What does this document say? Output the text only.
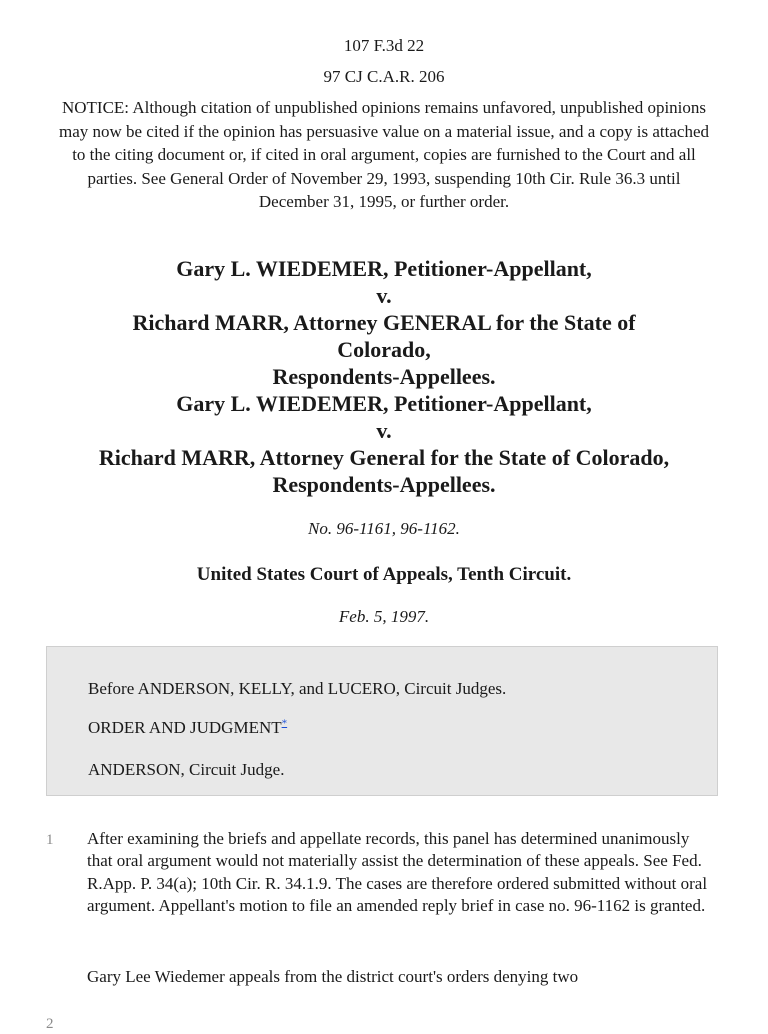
107 F.3d 22
97 CJ C.A.R. 206
NOTICE: Although citation of unpublished opinions remains unfavored, unpublished opinions may now be cited if the opinion has persuasive value on a material issue, and a copy is attached to the citing document or, if cited in oral argument, copies are furnished to the Court and all parties. See General Order of November 29, 1993, suspending 10th Cir. Rule 36.3 until December 31, 1995, or further order.
Gary L. WIEDEMER, Petitioner-Appellant,
v.
Richard MARR, Attorney GENERAL for the State of
Colorado,
Respondents-Appellees.
Gary L. WIEDEMER, Petitioner-Appellant,
v.
Richard MARR, Attorney General for the State of Colorado,
Respondents-Appellees.
No. 96-1161, 96-1162.
United States Court of Appeals, Tenth Circuit.
Feb. 5, 1997.
Before ANDERSON, KELLY, and LUCERO, Circuit Judges.
ORDER AND JUDGMENT*
ANDERSON, Circuit Judge.
1 After examining the briefs and appellate records, this panel has determined unanimously that oral argument would not materially assist the determination of these appeals. See Fed. R.App. P. 34(a); 10th Cir. R. 34.1.9. The cases are therefore ordered submitted without oral argument. Appellant's motion to file an amended reply brief in case no. 96-1162 is granted.
2
Gary Lee Wiedemer appeals from the district court's orders denying two
